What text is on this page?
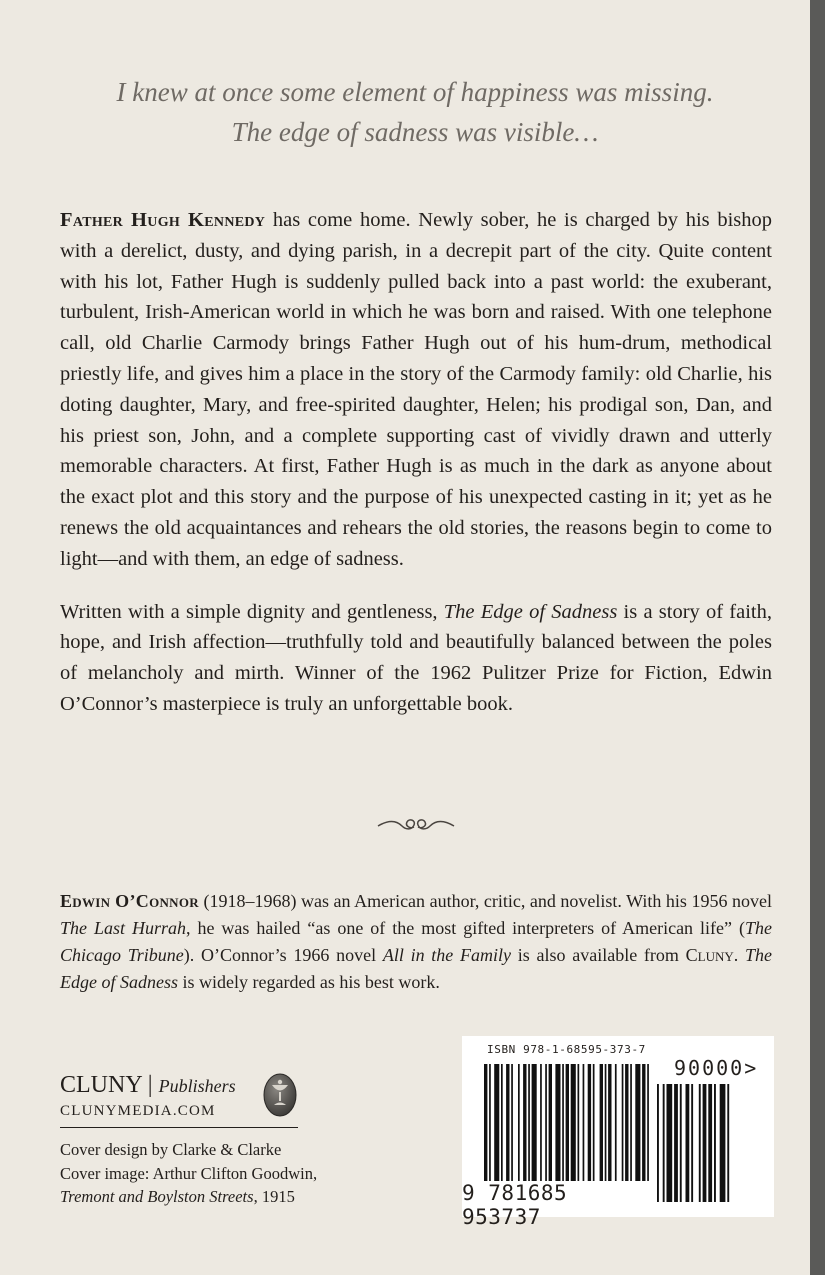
I knew at once some element of happiness was missing.
The edge of sadness was visible…

Father Hugh Kennedy has come home. Newly sober, he is charged by his bishop with a derelict, dusty, and dying parish, in a decrepit part of the city. Quite content with his lot, Father Hugh is suddenly pulled back into a past world: the exuberant, turbulent, Irish-American world in which he was born and raised. With one telephone call, old Charlie Carmody brings Father Hugh out of his hum-drum, methodical priestly life, and gives him a place in the story of the Carmody family: old Charlie, his doting daughter, Mary, and free-spirited daughter, Helen; his prodigal son, Dan, and his priest son, John, and a complete supporting cast of vividly drawn and utterly memorable characters. At first, Father Hugh is as much in the dark as anyone about the exact plot and this story and the purpose of his unexpected casting in it; yet as he renews the old acquaintances and rehears the old stories, the reasons begin to come to light—and with them, an edge of sadness.

Written with a simple dignity and gentleness, The Edge of Sadness is a story of faith, hope, and Irish affection—truthfully told and beautifully balanced between the poles of melancholy and mirth. Winner of the 1962 Pulitzer Prize for Fiction, Edwin O’Connor’s masterpiece is truly an unforgettable book.

Edwin O’Connor (1918–1968) was an American author, critic, and novelist. With his 1956 novel The Last Hurrah, he was hailed “as one of the most gifted interpreters of American life” (The Chicago Tribune). O’Connor’s 1966 novel All in the Family is also available from Cluny. The Edge of Sadness is widely regarded as his best work.

CLUNY | Publishers
CLUNYMEDIA.COM
Cover design by Clarke & Clarke
Cover image: Arthur Clifton Goodwin,
Tremont and Boylston Streets, 1915
ISBN 978-1-68595-373-7
90000>
9 781685 953737
